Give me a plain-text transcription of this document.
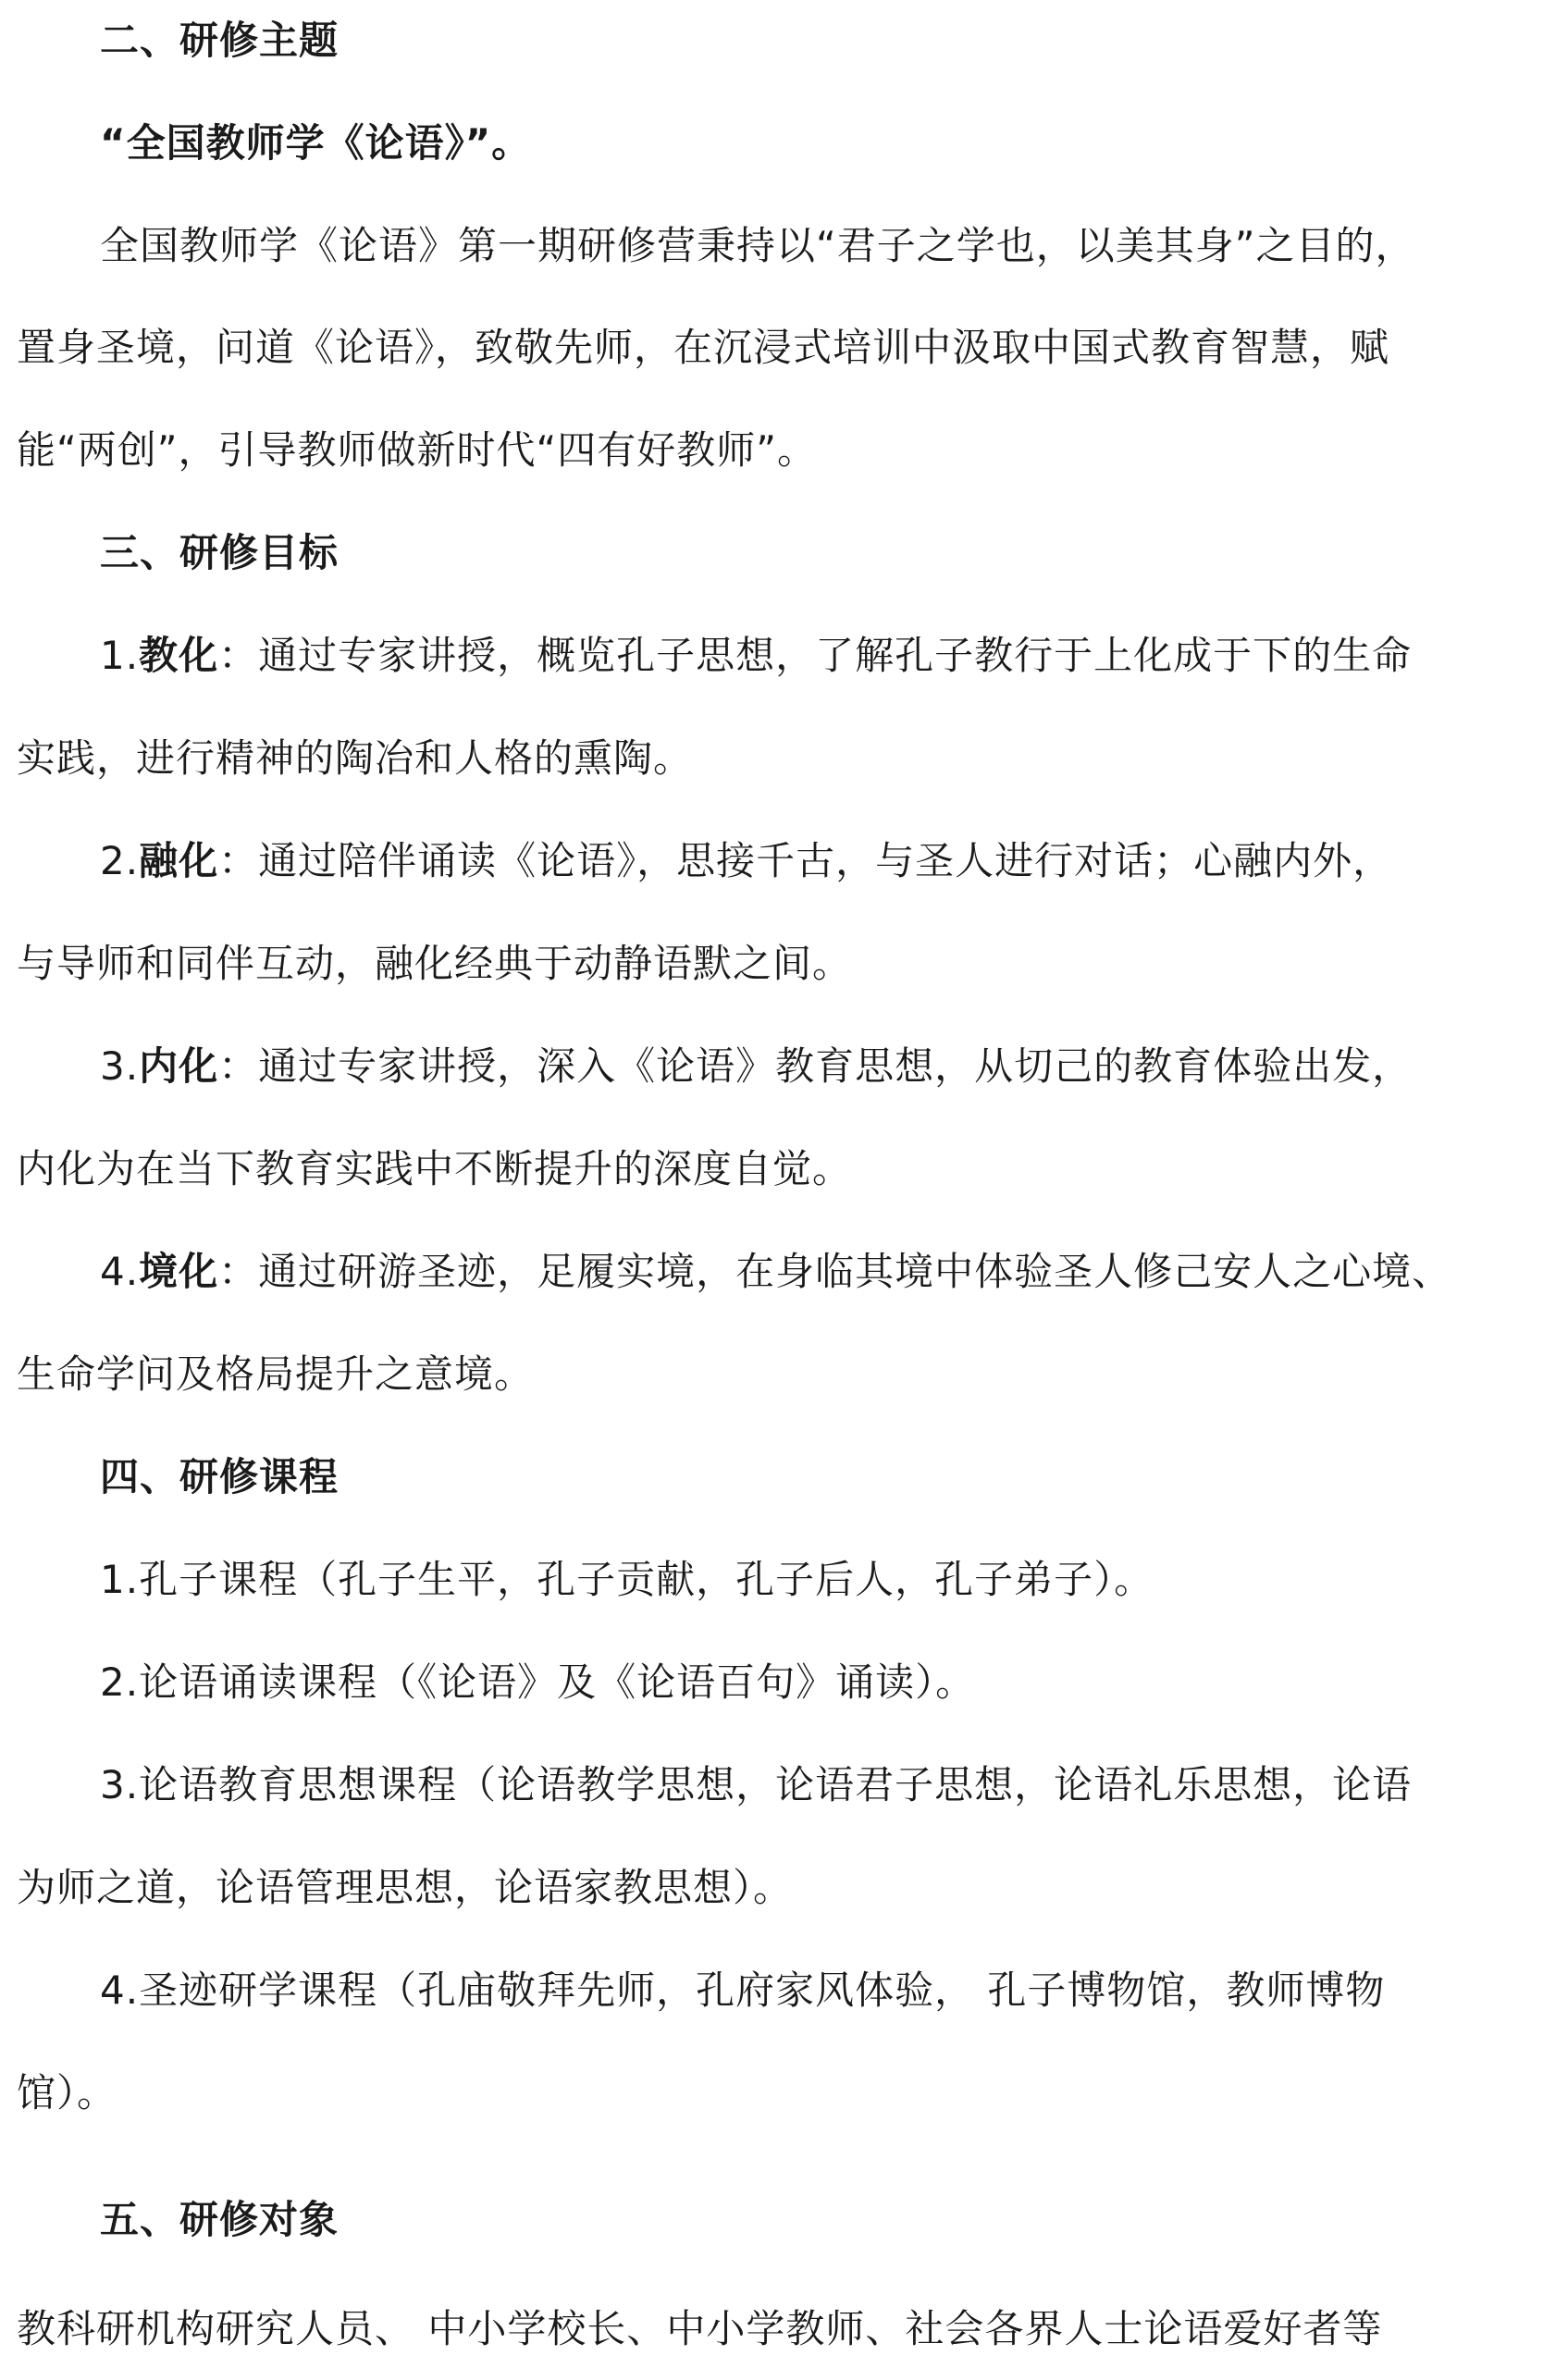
二、研修主题
“全国教师学《论语》”。
全国教师学《论语》第一期研修营秉持以“君子之学也，以美其身”之目的，
置身圣境，问道《论语》，致敬先师，在沉浸式培训中汲取中国式教育智慧，赋
能“两创”，引导教师做新时代“四有好教师”。
三、研修目标
1.教化：通过专家讲授，概览孔子思想，了解孔子教行于上化成于下的生命
实践，进行精神的陶冶和人格的熏陶。
2.融化：通过陪伴诵读《论语》，思接千古，与圣人进行对话；心融内外，
与导师和同伴互动，融化经典于动静语默之间。
3.内化：通过专家讲授，深入《论语》教育思想，从切己的教育体验出发，
内化为在当下教育实践中不断提升的深度自觉。
4.境化：通过研游圣迹，足履实境，在身临其境中体验圣人修己安人之心境、
生命学问及格局提升之意境。
四、研修课程
1.孔子课程（孔子生平，孔子贡献，孔子后人，孔子弟子）。
2.论语诵读课程（《论语》及《论语百句》诵读）。
3.论语教育思想课程（论语教学思想，论语君子思想，论语礼乐思想，论语
为师之道，论语管理思想，论语家教思想）。
4.圣迹研学课程（孔庙敬拜先师，孔府家风体验， 孔子博物馆，教师博物
馆）。
五、研修对象
教科研机构研究人员、 中小学校长、中小学教师、社会各界人士论语爱好者等
